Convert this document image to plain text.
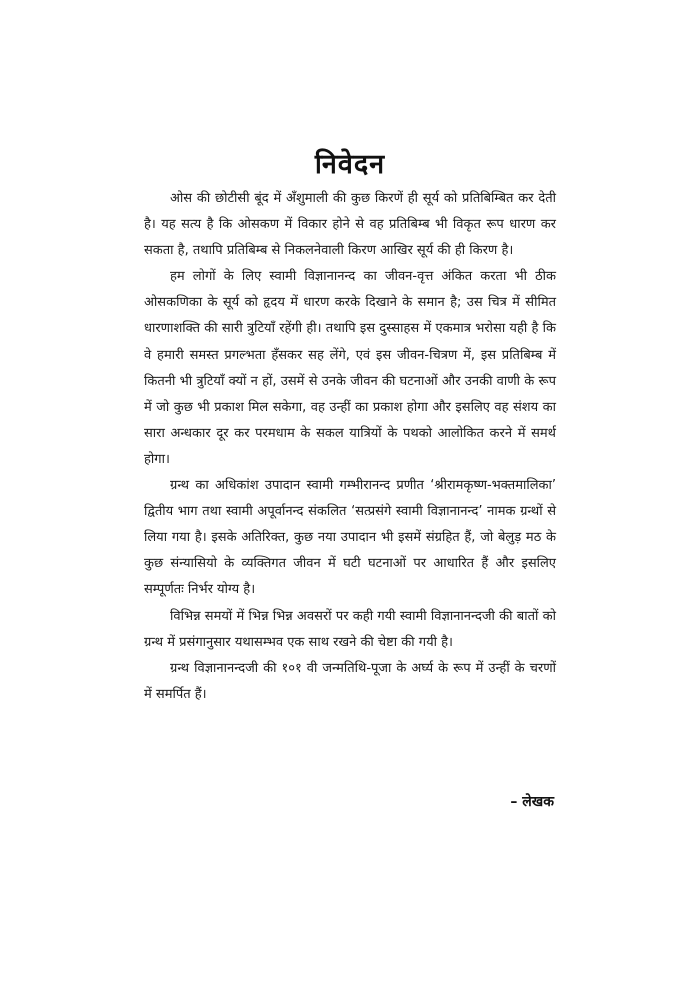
निवेदन

ओस की छोटीसी बूंद में अँशुमाली की कुछ किरणें ही सूर्य को प्रतिबिम्बित कर देती है। यह सत्य है कि ओसकण में विकार होने से वह प्रतिबिम्ब भी विकृत रूप धारण कर सकता है, तथापि प्रतिबिम्ब से निकलनेवाली किरण आखिर सूर्य की ही किरण है।

हम लोगों के लिए स्वामी विज्ञानानन्द का जीवन-वृत्त अंकित करता भी ठीक ओसकणिका के सूर्य को हृदय में धारण करके दिखाने के समान है; उस चित्र में सीमित धारणाशक्ति की सारी त्रुटियाँ रहेंगी ही। तथापि इस दुस्साहस में एकमात्र भरोसा यही है कि वे हमारी समस्त प्रगल्भता हँसकर सह लेंगे, एवं इस जीवन-चित्रण में, इस प्रतिबिम्ब में कितनी भी त्रुटियाँ क्यों न हों, उसमें से उनके जीवन की घटनाओं और उनकी वाणी के रूप में जो कुछ भी प्रकाश मिल सकेगा, वह उन्हीं का प्रकाश होगा और इसलिए वह संशय का सारा अन्धकार दूर कर परमधाम के सकल यात्रियों के पथको आलोकित करने में समर्थ होगा।

ग्रन्थ का अधिकांश उपादान स्वामी गम्भीरानन्द प्रणीत ‘श्रीरामकृष्ण-भक्तमालिका’ द्वितीय भाग तथा स्वामी अपूर्वानन्द संकलित ‘सत्प्रसंगे स्वामी विज्ञानानन्द’ नामक ग्रन्थों से लिया गया है। इसके अतिरिक्त, कुछ नया उपादान भी इसमें संग्रहित हैं, जो बेलुड़ मठ के कुछ संन्यासियो के व्यक्तिगत जीवन में घटी घटनाओं पर आधारित हैं और इसलिए सम्पूर्णतः निर्भर योग्य है।

विभिन्न समयों में भिन्न भिन्न अवसरों पर कही गयी स्वामी विज्ञानानन्दजी की बातों को ग्रन्थ में प्रसंगानुसार यथासम्भव एक साथ रखने की चेष्टा की गयी है।

ग्रन्थ विज्ञानानन्दजी की १०१ वी जन्मतिथि-पूजा के अर्घ्य के रूप में उन्हीं के चरणों में समर्पित हैं।

– लेखक
